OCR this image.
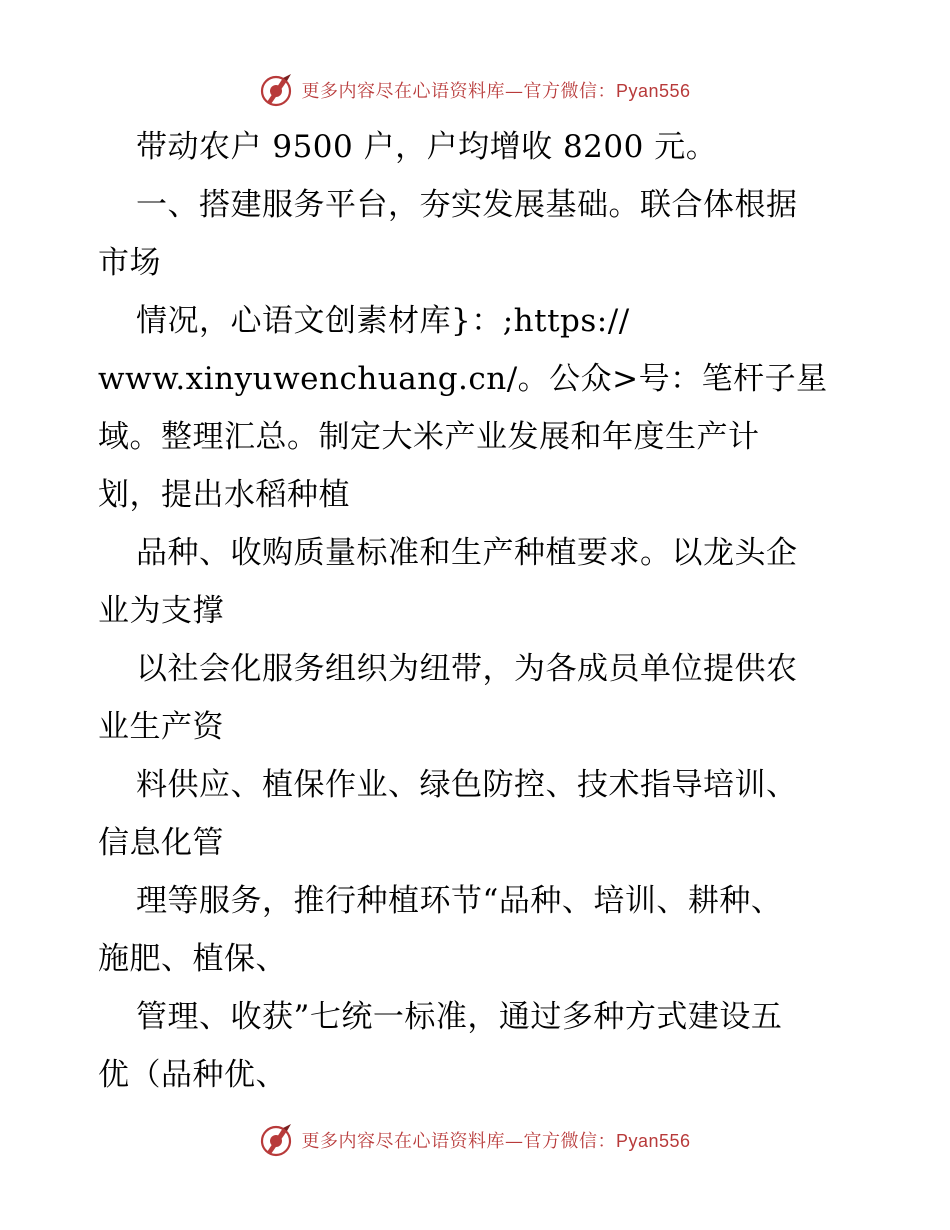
更多内容尽在心语资料库—官方微信：Pyan556
带动农户 9500 户，户均增收 8200 元。
一、搭建服务平台，夯实发展基础。联合体根据
市场
情况，心语文创素材库}：;https://
www.xinyuwenchuang.cn/。公众>号：笔杆子星
域。整理汇总。制定大米产业发展和年度生产计
划，提出水稻种植
品种、收购质量标准和生产种植要求。以龙头企
业为支撑
以社会化服务组织为纽带，为各成员单位提供农
业生产资
料供应、植保作业、绿色防控、技术指导培训、
信息化管
理等服务，推行种植环节“品种、培训、耕种、
施肥、植保、
管理、收获”七统一标准，通过多种方式建设五
优（品种优、
更多内容尽在心语资料库—官方微信：Pyan556
